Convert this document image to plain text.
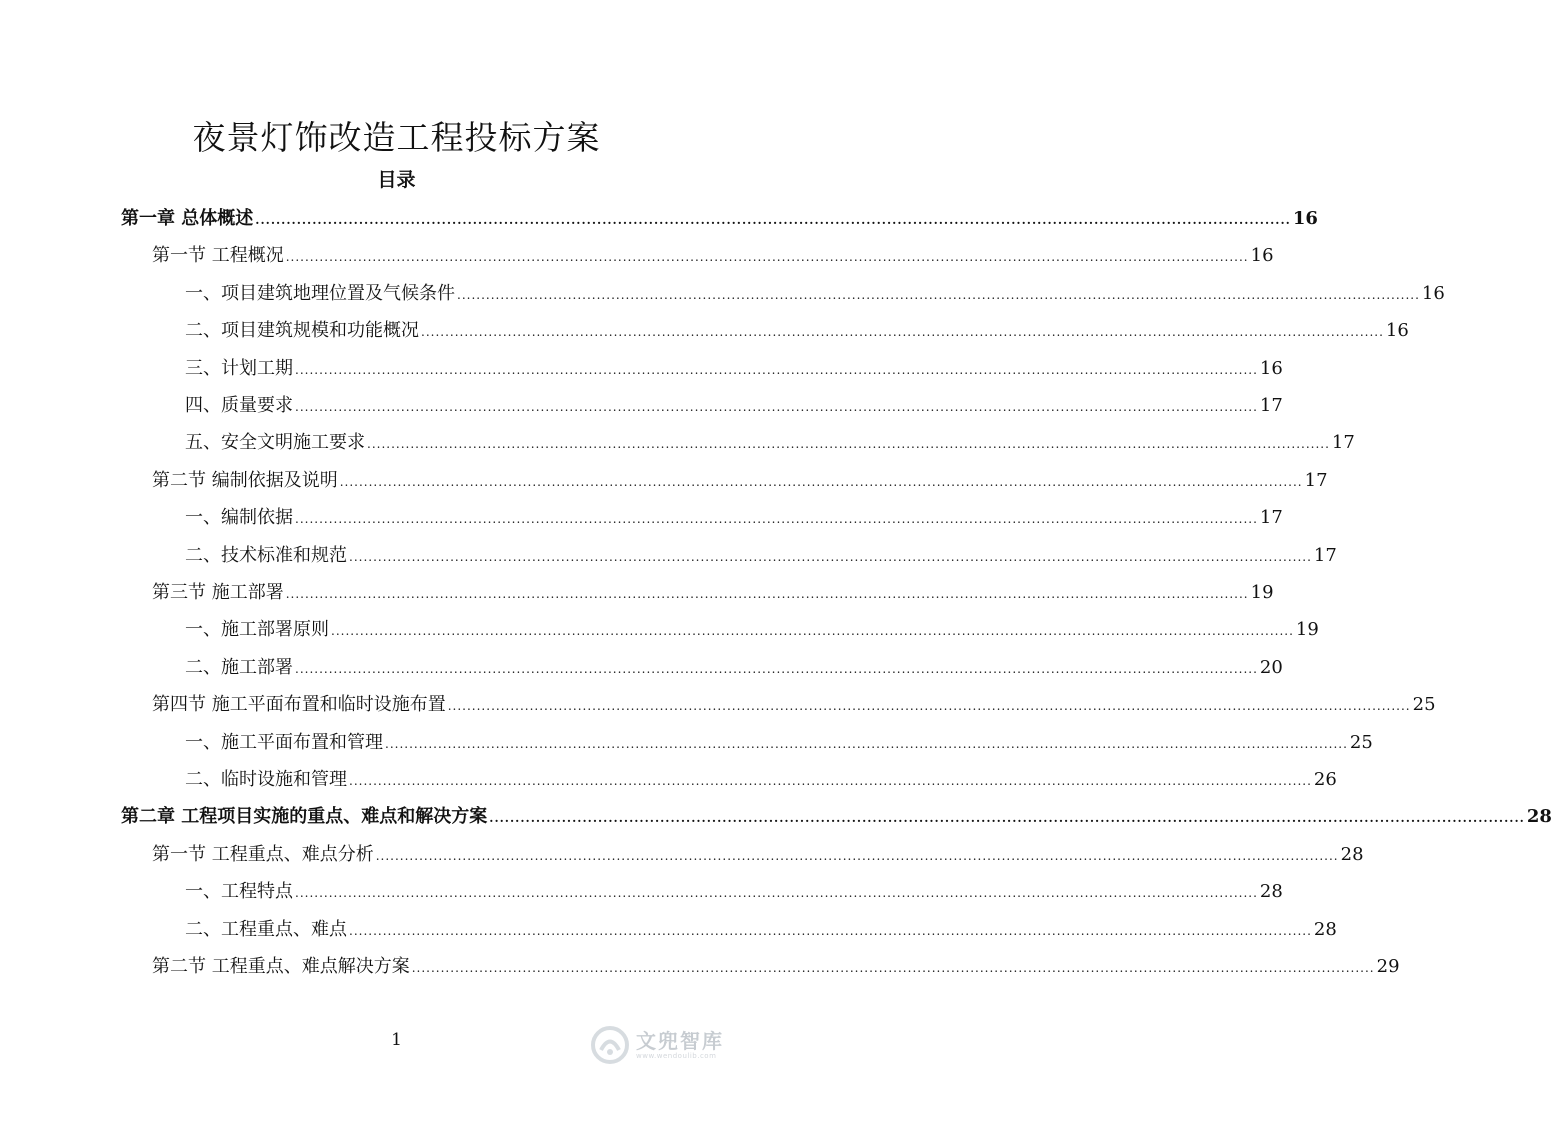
夜景灯饰改造工程投标方案
目录
第一章 总体概述 ........................................................................................................................................................................................................ 16
第一节 工程概况 ........................................................................................................................................................................................................ 16
一、项目建筑地理位置及气候条件 ........................................................................................................................................................................................................ 16
二、项目建筑规模和功能概况 ........................................................................................................................................................................................................ 16
三、计划工期 ........................................................................................................................................................................................................ 16
四、质量要求 ........................................................................................................................................................................................................ 17
五、安全文明施工要求 ........................................................................................................................................................................................................ 17
第二节 编制依据及说明 ........................................................................................................................................................................................................ 17
一、编制依据 ........................................................................................................................................................................................................ 17
二、技术标准和规范 ........................................................................................................................................................................................................ 17
第三节 施工部署 ........................................................................................................................................................................................................ 19
一、施工部署原则 ........................................................................................................................................................................................................ 19
二、施工部署 ........................................................................................................................................................................................................ 20
第四节 施工平面布置和临时设施布置 ........................................................................................................................................................................................................ 25
一、施工平面布置和管理 ........................................................................................................................................................................................................ 25
二、临时设施和管理 ........................................................................................................................................................................................................ 26
第二章 工程项目实施的重点、难点和解决方案 ........................................................................................................................................................................................................ 28
第一节 工程重点、难点分析 ........................................................................................................................................................................................................ 28
一、工程特点 ........................................................................................................................................................................................................ 28
二、工程重点、难点 ........................................................................................................................................................................................................ 28
第二节 工程重点、难点解决方案 ........................................................................................................................................................................................................ 29
1	文兜智库
www.wendoulib.com
